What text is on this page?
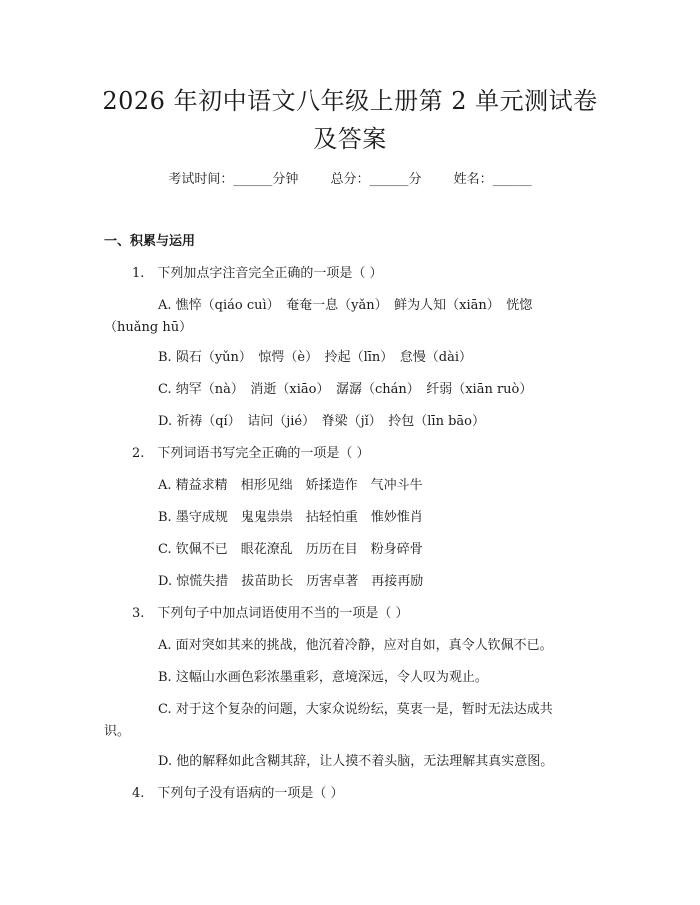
2026 年初中语文八年级上册第 2 单元测试卷
及答案
考试时间：______分钟 总分：______分 姓名：______
一、积累与运用
1.　下列加点字注音完全正确的一项是（ ）
A. 憔悴（qiáo cuì）　奄奄一息（yǎn）　鲜为人知（xiān）　恍惚
（huǎng hū）
B. 陨石（yǔn）　惊愕（è）　拎起（līn）　怠慢（dài）
C. 纳罕（nà）　消逝（xiāo）　潺潺（chán）　纤弱（xiān ruò）
D. 祈祷（qí）　诘问（jié）　脊梁（jǐ）　拎包（līn bāo）
2.　下列词语书写完全正确的一项是（ ）
A. 精益求精　相形见绌　娇揉造作　气冲斗牛
B. 墨守成规　鬼鬼祟祟　拈轻怕重　惟妙惟肖
C. 钦佩不已　眼花潦乱　历历在目　粉身碎骨
D. 惊慌失措　拔苗助长　历害卓著　再接再励
3.　下列句子中加点词语使用不当的一项是（ ）
A. 面对突如其来的挑战，他沉着冷静，应对自如，真令人钦佩不已。
B. 这幅山水画色彩浓墨重彩，意境深远，令人叹为观止。
C. 对于这个复杂的问题，大家众说纷纭，莫衷一是，暂时无法达成共
识。
D. 他的解释如此含糊其辞，让人摸不着头脑，无法理解其真实意图。
4.　下列句子没有语病的一项是（ ）
